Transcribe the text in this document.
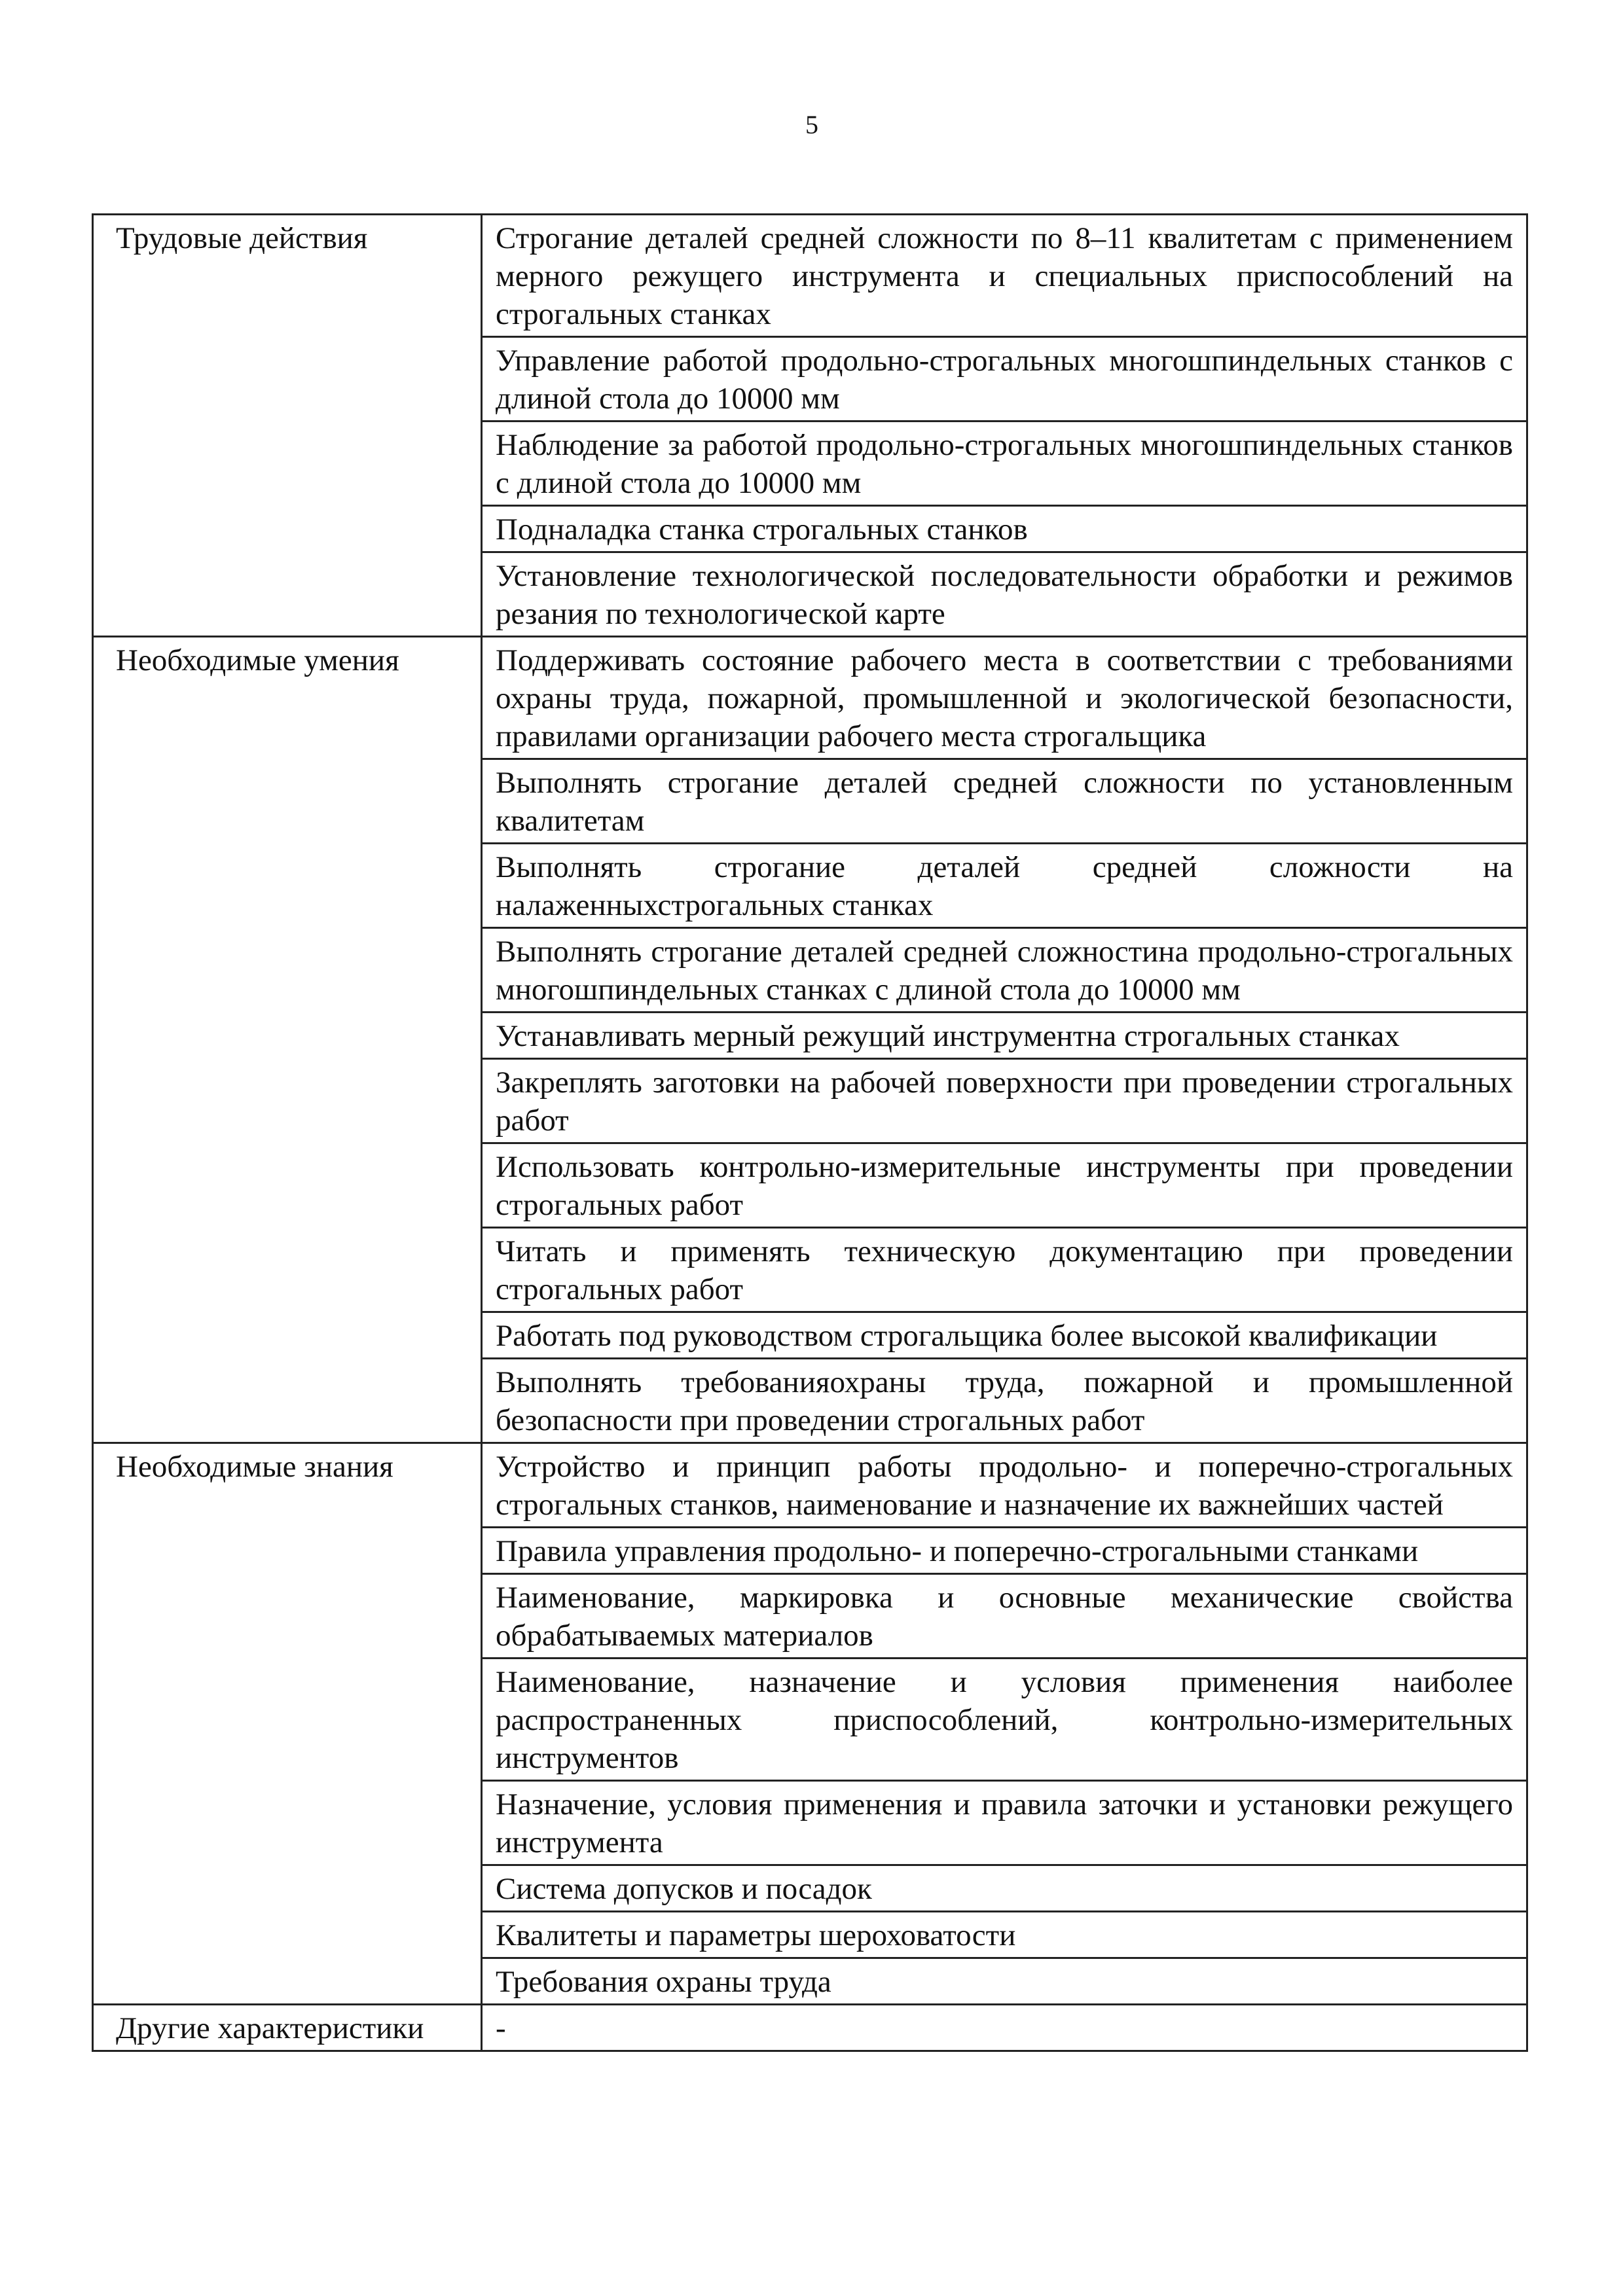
5
Трудовые действия	Строгание деталей средней сложности по 8–11 квалитетам с применением мерного режущего инструмента и специальных приспособлений на строгальных станках
	Управление работой продольно-строгальных многошпиндельных станков с длиной стола до 10000 мм
	Наблюдение за работой продольно-строгальных многошпиндельных станков с длиной стола до 10000 мм
	Подналадка станка строгальных станков
	Установление технологической последовательности обработки и режимов резания по технологической карте
Необходимые умения	Поддерживать состояние рабочего места в соответствии с требованиями охраны труда, пожарной, промышленной и экологической безопасности, правилами организации рабочего места строгальщика
	Выполнять строгание деталей средней сложности по установленным квалитетам
	Выполнять строгание деталей средней сложности на налаженныхстрогальных станках
	Выполнять строгание деталей средней сложностина продольно-строгальных многошпиндельных станках с длиной стола до 10000 мм
	Устанавливать мерный режущий инструментна строгальных станках
	Закреплять заготовки на рабочей поверхности при проведении строгальных работ
	Использовать контрольно-измерительные инструменты при проведении строгальных работ
	Читать и применять техническую документацию при проведении строгальных работ
	Работать под руководством строгальщика более высокой квалификации
	Выполнять требованияохраны труда, пожарной и промышленной безопасности при проведении строгальных работ
Необходимые знания	Устройство и принцип работы продольно- и поперечно-строгальных строгальных станков, наименование и назначение их важнейших частей
	Правила управления продольно- и поперечно-строгальными станками
	Наименование, маркировка и основные механические свойства обрабатываемых материалов
	Наименование, назначение и условия применения наиболее распространенных приспособлений, контрольно-измерительных инструментов
	Назначение, условия применения и правила заточки и установки режущего инструмента
	Система допусков и посадок
	Квалитеты и параметры шероховатости
	Требования охраны труда
Другие характеристики	-
